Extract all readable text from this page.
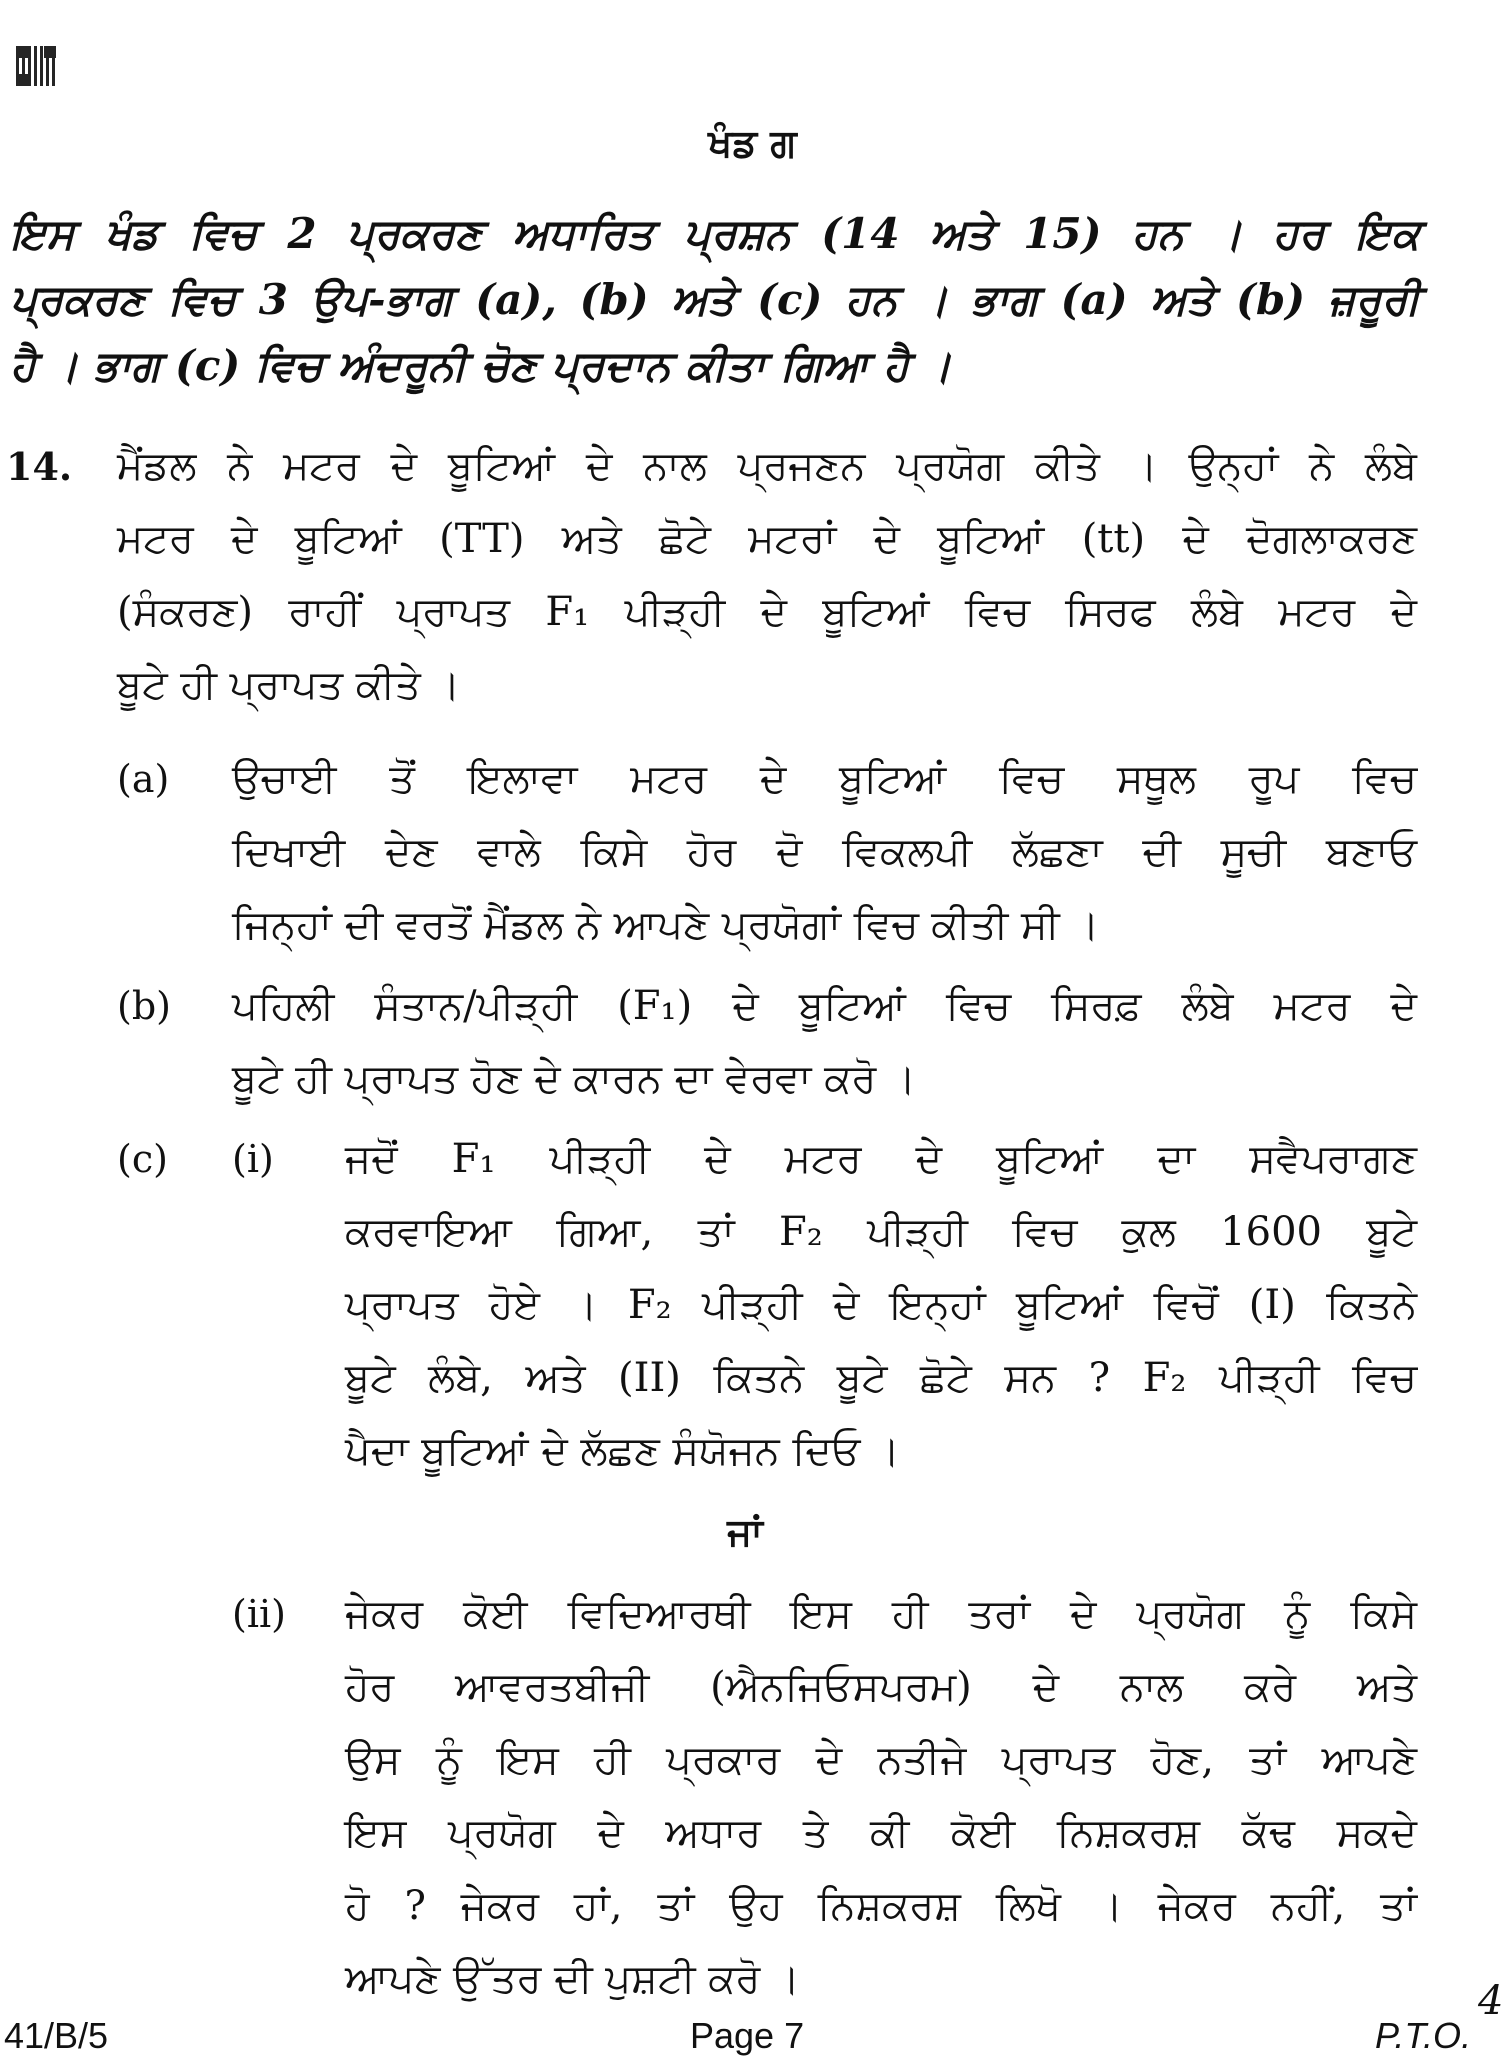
ਖੰਡ ਗ
ਇਸ ਖੰਡ ਵਿਚ 2 ਪ੍ਰਕਰਣ ਅਧਾਰਿਤ ਪ੍ਰਸ਼ਨ (14 ਅਤੇ 15) ਹਨ । ਹਰ ਇਕ
ਪ੍ਰਕਰਣ ਵਿਚ 3 ਉਪ-ਭਾਗ (a), (b) ਅਤੇ (c) ਹਨ । ਭਾਗ (a) ਅਤੇ (b) ਜ਼ਰੂਰੀ
ਹੈ । ਭਾਗ (c) ਵਿਚ ਅੰਦਰੂਨੀ ਚੋਣ ਪ੍ਰਦਾਨ ਕੀਤਾ ਗਿਆ ਹੈ ।
14. ਮੈਂਡਲ ਨੇ ਮਟਰ ਦੇ ਬੂਟਿਆਂ ਦੇ ਨਾਲ ਪ੍ਰਜਣਨ ਪ੍ਰਯੋਗ ਕੀਤੇ । ਉਨ੍ਹਾਂ ਨੇ ਲੰਬੇ
ਮਟਰ ਦੇ ਬੂਟਿਆਂ (TT) ਅਤੇ ਛੋਟੇ ਮਟਰਾਂ ਦੇ ਬੂਟਿਆਂ (tt) ਦੇ ਦੋਗਲਾਕਰਣ
(ਸੰਕਰਣ) ਰਾਹੀਂ ਪ੍ਰਾਪਤ F₁ ਪੀੜ੍ਹੀ ਦੇ ਬੂਟਿਆਂ ਵਿਚ ਸਿਰਫ ਲੰਬੇ ਮਟਰ ਦੇ
ਬੂਟੇ ਹੀ ਪ੍ਰਾਪਤ ਕੀਤੇ ।
(a) ਉਚਾਈ ਤੋਂ ਇਲਾਵਾ ਮਟਰ ਦੇ ਬੂਟਿਆਂ ਵਿਚ ਸਥੂਲ ਰੂਪ ਵਿਚ
ਦਿਖਾਈ ਦੇਣ ਵਾਲੇ ਕਿਸੇ ਹੋਰ ਦੋ ਵਿਕਲਪੀ ਲੱਛਣਾ ਦੀ ਸੂਚੀ ਬਣਾਓ
ਜਿਨ੍ਹਾਂ ਦੀ ਵਰਤੋਂ ਮੈਂਡਲ ਨੇ ਆਪਣੇ ਪ੍ਰਯੋਗਾਂ ਵਿਚ ਕੀਤੀ ਸੀ ।
(b) ਪਹਿਲੀ ਸੰਤਾਨ/ਪੀੜ੍ਹੀ (F₁) ਦੇ ਬੂਟਿਆਂ ਵਿਚ ਸਿਰਫ਼ ਲੰਬੇ ਮਟਰ ਦੇ
ਬੂਟੇ ਹੀ ਪ੍ਰਾਪਤ ਹੋਣ ਦੇ ਕਾਰਨ ਦਾ ਵੇਰਵਾ ਕਰੋ ।
(c) (i) ਜਦੋਂ F₁ ਪੀੜ੍ਹੀ ਦੇ ਮਟਰ ਦੇ ਬੂਟਿਆਂ ਦਾ ਸਵੈਪਰਾਗਣ
ਕਰਵਾਇਆ ਗਿਆ, ਤਾਂ F₂ ਪੀੜ੍ਹੀ ਵਿਚ ਕੁਲ 1600 ਬੂਟੇ
ਪ੍ਰਾਪਤ ਹੋਏ । F₂ ਪੀੜ੍ਹੀ ਦੇ ਇਨ੍ਹਾਂ ਬੂਟਿਆਂ ਵਿਚੋਂ (I) ਕਿਤਨੇ
ਬੂਟੇ ਲੰਬੇ, ਅਤੇ (II) ਕਿਤਨੇ ਬੂਟੇ ਛੋਟੇ ਸਨ ? F₂ ਪੀੜ੍ਹੀ ਵਿਚ
ਪੈਦਾ ਬੂਟਿਆਂ ਦੇ ਲੱਛਣ ਸੰਯੋਜਨ ਦਿਓ ।
ਜਾਂ
(ii) ਜੇਕਰ ਕੋਈ ਵਿਦਿਆਰਥੀ ਇਸ ਹੀ ਤਰਾਂ ਦੇ ਪ੍ਰਯੋਗ ਨੂੰ ਕਿਸੇ
ਹੋਰ ਆਵਰਤਬੀਜੀ (ਐਨਜਿਓਸਪਰਮ) ਦੇ ਨਾਲ ਕਰੇ ਅਤੇ
ਉਸ ਨੂੰ ਇਸ ਹੀ ਪ੍ਰਕਾਰ ਦੇ ਨਤੀਜੇ ਪ੍ਰਾਪਤ ਹੋਣ, ਤਾਂ ਆਪਣੇ
ਇਸ ਪ੍ਰਯੋਗ ਦੇ ਅਧਾਰ ਤੇ ਕੀ ਕੋਈ ਨਿਸ਼ਕਰਸ਼ ਕੱਢ ਸਕਦੇ
ਹੋ ? ਜੇਕਰ ਹਾਂ, ਤਾਂ ਉਹ ਨਿਸ਼ਕਰਸ਼ ਲਿਖੋ । ਜੇਕਰ ਨਹੀਂ, ਤਾਂ
ਆਪਣੇ ਉੱਤਰ ਦੀ ਪੁਸ਼ਟੀ ਕਰੋ ।	4
41/B/5	Page 7	P.T.O.
